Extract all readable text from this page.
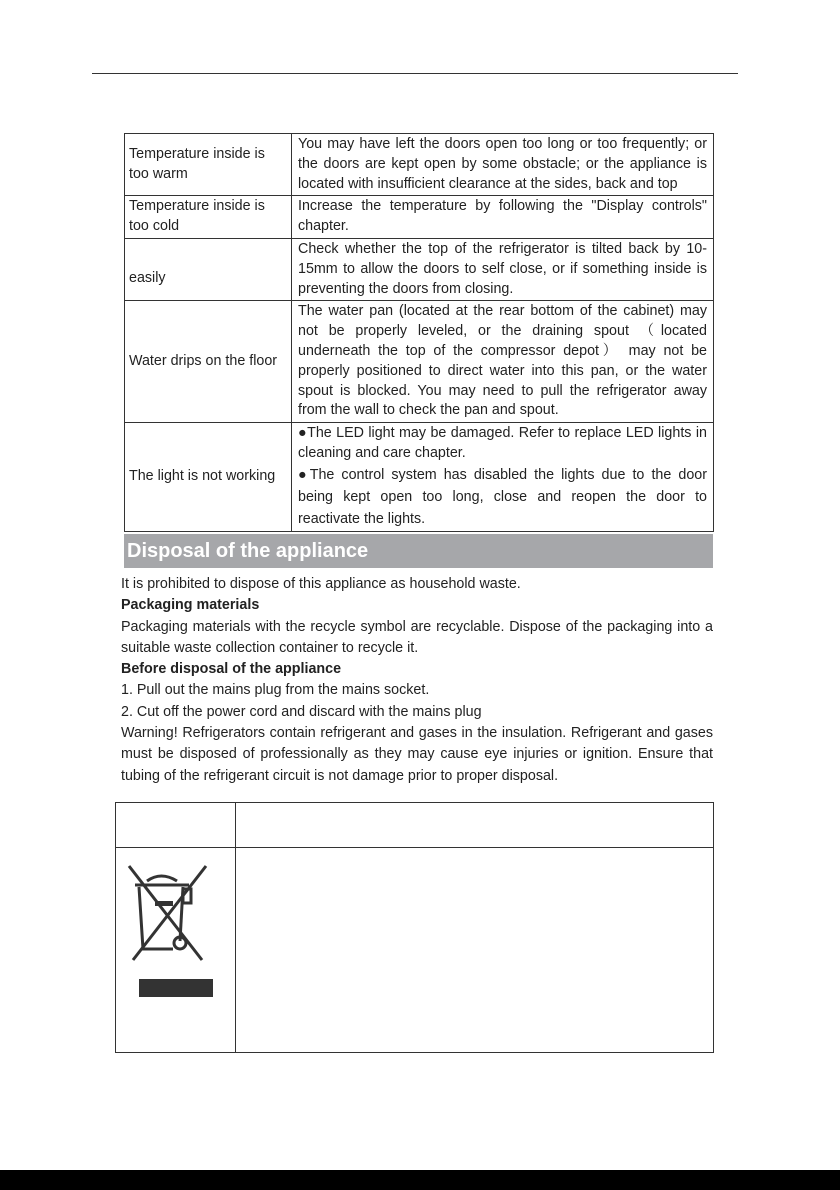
Temperature inside is too warm	You may have left the doors open too long or too frequently; or the doors are kept open by some obstacle; or the appliance is located with insufficient clearance at the sides, back and top
Temperature inside is too cold	Increase the temperature by following the "Display controls" chapter.
easily	Check whether the top of the refrigerator is tilted back by 10-15mm to allow the doors to self close, or if something inside is preventing the doors from closing.
Water drips on the floor	The water pan (located at the rear bottom of the cabinet) may not be properly leveled, or the draining spout （located underneath the top of the compressor depot） may not be properly positioned to direct water into this pan, or the water spout is blocked. You may need to pull the refrigerator away from the wall to check the pan and spout.
The light is not working	●The LED light may be damaged. Refer to replace LED lights in cleaning and care chapter.
●The control system has disabled the lights due to the door being kept open too long, close and reopen the door to reactivate the lights.
Disposal of the appliance

It is prohibited to dispose of this appliance as household waste.

Packaging materials

Packaging materials with the recycle symbol are recyclable. Dispose of the packaging into a suitable waste collection container to recycle it.

Before disposal of the appliance

1. Pull out the mains plug from the mains socket.

2. Cut off the power cord and discard with the mains plug

Warning! Refrigerators contain refrigerant and gases in the insulation. Refrigerant and gases must be disposed of professionally as they may cause eye injuries or ignition. Ensure that tubing of the refrigerant circuit is not damage prior to proper disposal.
